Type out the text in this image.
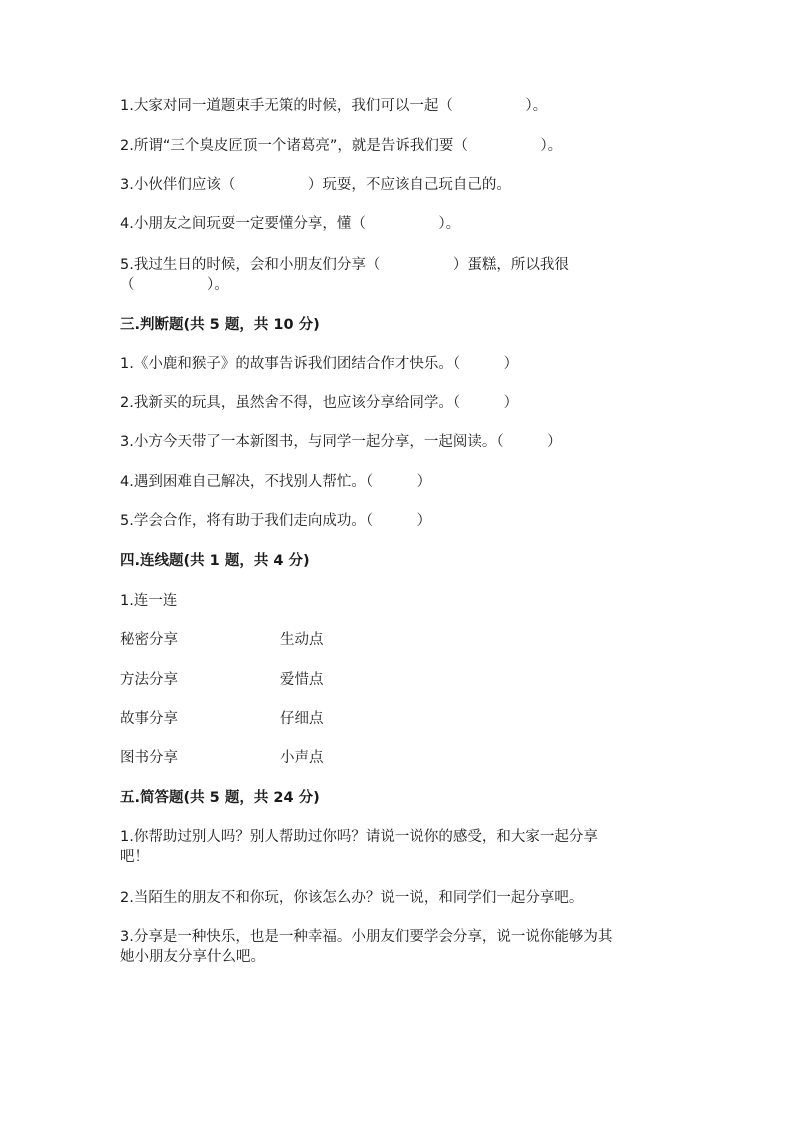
1.大家对同一道题束手无策的时候，我们可以一起（　　　　　）。

2.所谓“三个臭皮匠顶一个诸葛亮”，就是告诉我们要（　　　　　）。

3.小伙伴们应该（　　　　　）玩耍，不应该自己玩自己的。

4.小朋友之间玩耍一定要懂分享，懂（　　　　　）。

5.我过生日的时候，会和小朋友们分享（　　　　　）蛋糕，所以我很

（　　　　　）。

三.判断题(共 5 题，共 10 分)

1.《小鹿和猴子》的故事告诉我们团结合作才快乐。（　　　）

2.我新买的玩具，虽然舍不得，也应该分享给同学。（　　　）

3.小方今天带了一本新图书，与同学一起分享，一起阅读。（　　　）

4.遇到困难自己解决，不找别人帮忙。（　　　）

5.学会合作，将有助于我们走向成功。（　　　）

四.连线题(共 1 题，共 4 分)

1.连一连

秘密分享	生动点
方法分享	爱惜点
故事分享	仔细点
图书分享	小声点

五.简答题(共 5 题，共 24 分)

1.你帮助过别人吗？别人帮助过你吗？请说一说你的感受，和大家一起分享

吧！

2.当陌生的朋友不和你玩，你该怎么办？说一说，和同学们一起分享吧。

3.分享是一种快乐，也是一种幸福。小朋友们要学会分享，说一说你能够为其

她小朋友分享什么吧。
